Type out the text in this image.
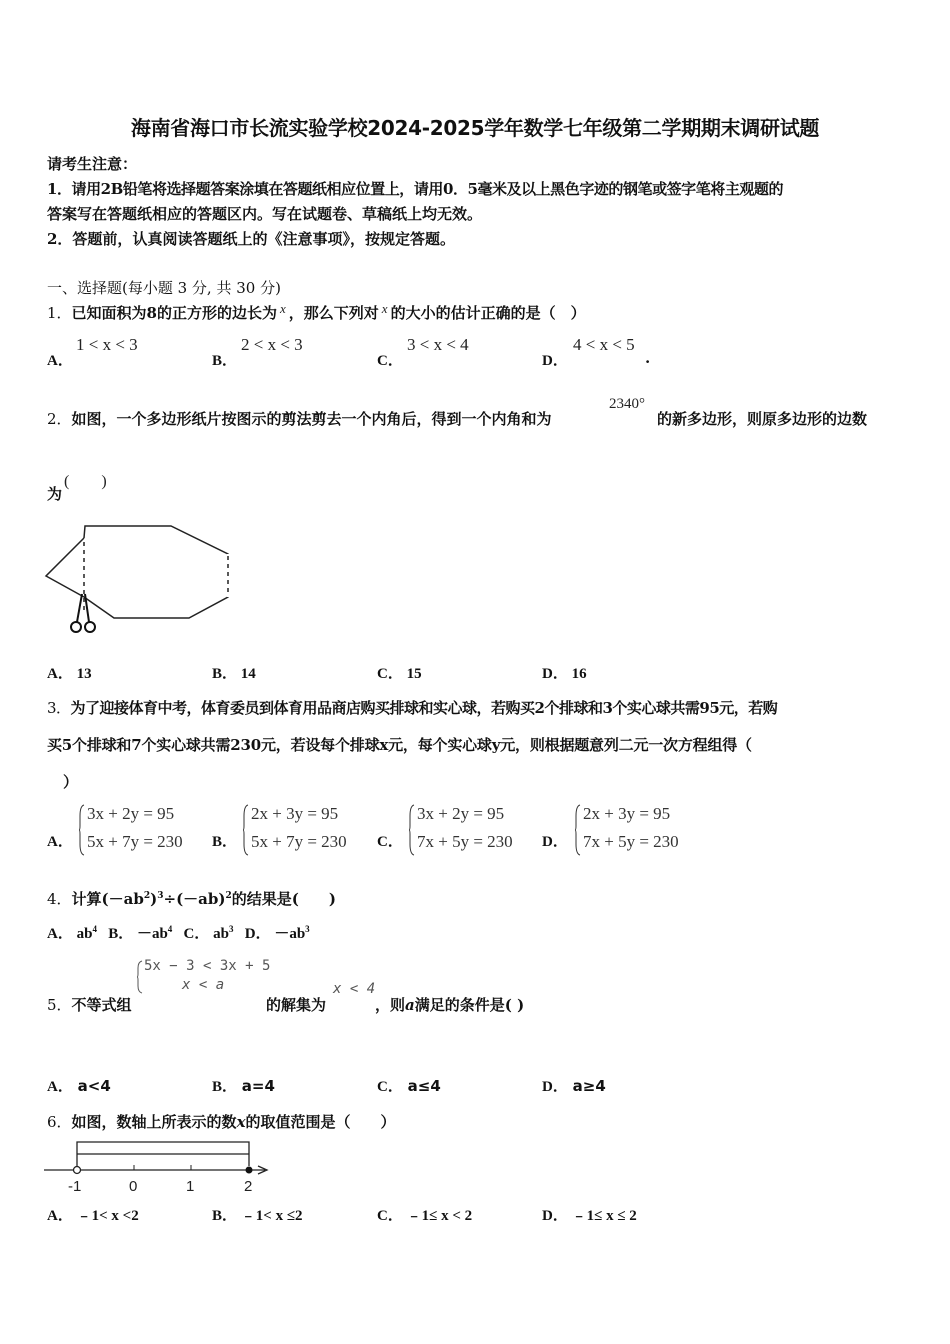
海南省海口市长流实验学校2024-2025学年数学七年级第二学期期末调研试题
请考生注意：
1．请用2B铅笔将选择题答案涂填在答题纸相应位置上，请用0．5毫米及以上黑色字迹的钢笔或签字笔将主观题的
答案写在答题纸相应的答题区内。写在试题卷、草稿纸上均无效。
2．答题前，认真阅读答题纸上的《注意事项》，按规定答题。
一、选择题(每小题 3 分, 共 30 分)
1．已知面积为8的正方形的边长为 x ，那么下列对 x 的大小的估计正确的是（　）
A．
1 < x < 3
B．
2 < x < 3
C．
3 < x < 4
D．
4 < x < 5
.
2．如图，一个多边形纸片按图示的剪法剪去一个内角后，得到一个内角和为
2340°
的新多边形，则原多边形的边数
为
(　　)
A． 13	B． 14	C． 15	D． 16
3．为了迎接体育中考，体育委员到体育用品商店购买排球和实心球，若购买2个排球和3个实心球共需95元，若购
买5个排球和7个实心球共需230元，若设每个排球x元，每个实心球y元，则根据题意列二元一次方程组得（
）
A．
3x + 2y = 95
5x + 7y = 230 B．
2x + 3y = 95
5x + 7y = 230 C．
3x + 2y = 95
7x + 5y = 230 D．
2x + 3y = 95
7x + 5y = 230
4．计算$(-ab^2)^3\div(-ab)^2$的结果是(　　)
A． $ab^4$ B． $-ab^4$ C． $ab^3$ D． $-ab^3$
5x − 3 < 3x + 5
x < a
5．不等式组	的解集为
x < 4
，则a满足的条件是( )
A． a<4	B． a=4	C． a≤4	D． a≥4
6．如图，数轴上所表示的数x的取值范围是（　　）
-1	0	1	2
A． ﹣1< x <2	B． ﹣1< x ≤2	C． ﹣1≤ x < 2	D． ﹣1≤ x ≤ 2
